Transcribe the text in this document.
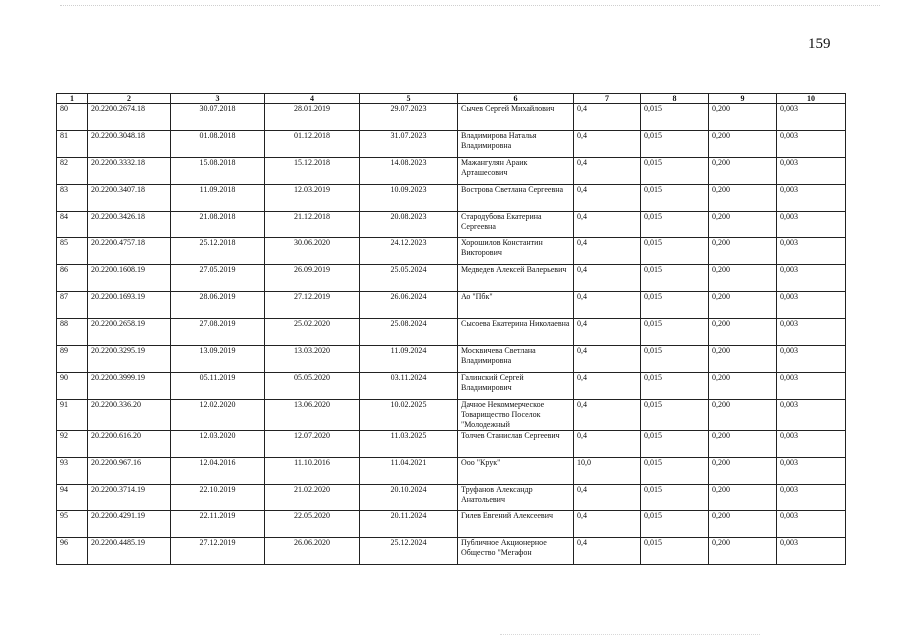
159
1	2	3	4	5	6	7	8	9	10
80	20.2200.2674.18	30.07.2018	28.01.2019	29.07.2023	Сычев Сергей Михайлович	0,4	0,015	0,200	0,003
81	20.2200.3048.18	01.08.2018	01.12.2018	31.07.2023	Владимирова Наталья Владимировна	0,4	0,015	0,200	0,003
82	20.2200.3332.18	15.08.2018	15.12.2018	14.08.2023	Мажангулян Араик Арташесович	0,4	0,015	0,200	0,003
83	20.2200.3407.18	11.09.2018	12.03.2019	10.09.2023	Вострова Светлана Сергеевна	0,4	0,015	0,200	0,003
84	20.2200.3426.18	21.08.2018	21.12.2018	20.08.2023	Стародубова Екатерина Сергеевна	0,4	0,015	0,200	0,003
85	20.2200.4757.18	25.12.2018	30.06.2020	24.12.2023	Хорошилов Константин Викторович	0,4	0,015	0,200	0,003
86	20.2200.1608.19	27.05.2019	26.09.2019	25.05.2024	Медведев Алексей Валерьевич	0,4	0,015	0,200	0,003
87	20.2200.1693.19	28.06.2019	27.12.2019	26.06.2024	Ао "Пбк"	0,4	0,015	0,200	0,003
88	20.2200.2658.19	27.08.2019	25.02.2020	25.08.2024	Сысоева Екатерина Николаевна	0,4	0,015	0,200	0,003
89	20.2200.3295.19	13.09.2019	13.03.2020	11.09.2024	Москвичева Светлана Владимировна	0,4	0,015	0,200	0,003
90	20.2200.3999.19	05.11.2019	05.05.2020	03.11.2024	Галинский Сергей Владимирович	0,4	0,015	0,200	0,003
91	20.2200.336.20	12.02.2020	13.06.2020	10.02.2025	Дачное Некоммерческое Товарищество Поселок "Молодежный	0,4	0,015	0,200	0,003
92	20.2200.616.20	12.03.2020	12.07.2020	11.03.2025	Толчев Станислав Сергеевич	0,4	0,015	0,200	0,003
93	20.2200.967.16	12.04.2016	11.10.2016	11.04.2021	Ооо "Крук"	10,0	0,015	0,200	0,003
94	20.2200.3714.19	22.10.2019	21.02.2020	20.10.2024	Труфанов Александр Анатольевич	0,4	0,015	0,200	0,003
95	20.2200.4291.19	22.11.2019	22.05.2020	20.11.2024	Гилев Евгений Алексеевич	0,4	0,015	0,200	0,003
96	20.2200.4485.19	27.12.2019	26.06.2020	25.12.2024	Публичное Акционерное Общество "Мегафон	0,4	0,015	0,200	0,003
